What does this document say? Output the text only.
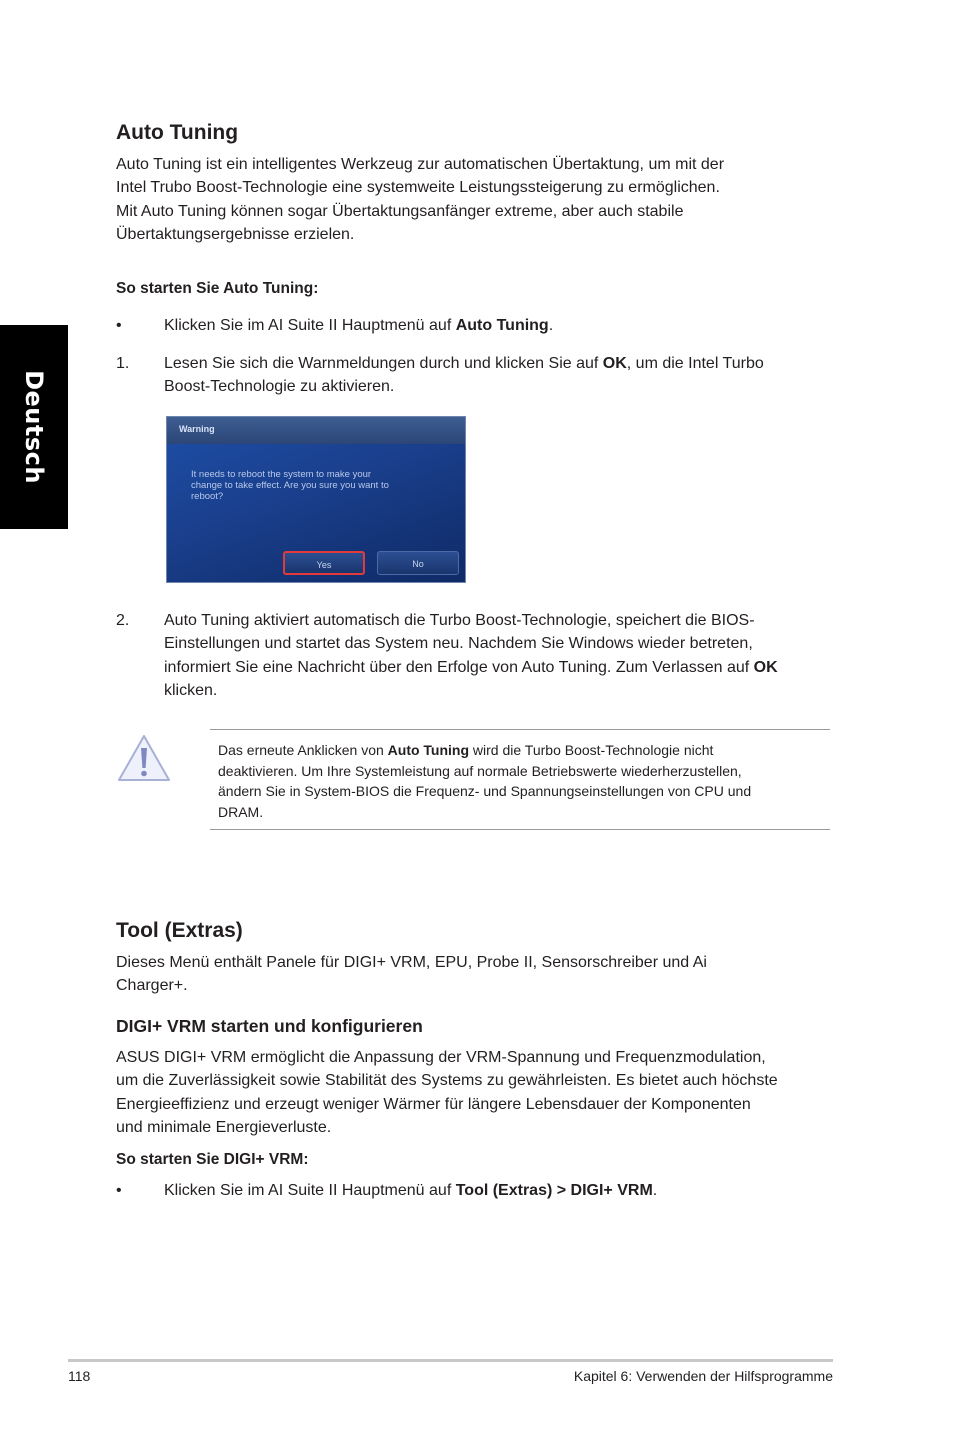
Deutsch
Auto Tuning
Auto Tuning ist ein intelligentes Werkzeug zur automatischen Übertaktung, um mit der
Intel Trubo Boost-Technologie eine systemweite Leistungssteigerung zu ermöglichen.
Mit Auto Tuning können sogar Übertaktungsanfänger extreme, aber auch stabile
Übertaktungsergebnisse erzielen.
So starten Sie Auto Tuning:
•	Klicken Sie im AI Suite II Hauptmenü auf Auto Tuning.
1. Lesen Sie sich die Warnmeldungen durch und klicken Sie auf OK, um die Intel Turbo
Boost-Technologie zu aktivieren.
Warning
It needs to reboot the system to make your
change to take effect. Are you sure you want to
reboot?
Yes	No
2. Auto Tuning aktiviert automatisch die Turbo Boost-Technologie, speichert die BIOS-
Einstellungen und startet das System neu. Nachdem Sie Windows wieder betreten,
informiert Sie eine Nachricht über den Erfolge von Auto Tuning. Zum Verlassen auf OK
klicken.

Das erneute Anklicken von Auto Tuning wird die Turbo Boost-Technologie nicht
deaktivieren. Um Ihre Systemleistung auf normale Betriebswerte wiederherzustellen,
ändern Sie in System-BIOS die Frequenz- und Spannungseinstellungen von CPU und
DRAM.

Tool (Extras)
Dieses Menü enthält Panele für DIGI+ VRM, EPU, Probe II, Sensorschreiber und Ai
Charger+.
DIGI+ VRM starten und konfigurieren
ASUS DIGI+ VRM ermöglicht die Anpassung der VRM-Spannung und Frequenzmodulation,
um die Zuverlässigkeit sowie Stabilität des Systems zu gewährleisten. Es bietet auch höchste
Energieeffizienz und erzeugt weniger Wärmer für längere Lebensdauer der Komponenten
und minimale Energieverluste.
So starten Sie DIGI+ VRM:
•	Klicken Sie im AI Suite II Hauptmenü auf Tool (Extras) > DIGI+ VRM.
118	Kapitel 6: Verwenden der Hilfsprogramme
